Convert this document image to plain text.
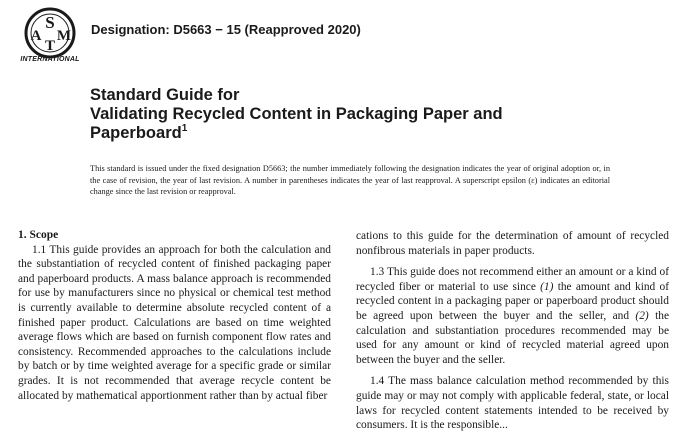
S
A M
T
INTERNATIONAL
Designation: D5663 − 15 (Reapproved 2020)
Standard Guide for
Validating Recycled Content in Packaging Paper and
Paperboard$^1$
This standard is issued under the fixed designation D5663; the number immediately following the designation indicates the year of original adoption or, in the case of revision, the year of last revision. A number in parentheses indicates the year of last reapproval. A superscript epsilon (ε) indicates an editorial change since the last revision or reapproval.

1. Scope

1.1 This guide provides an approach for both the calculation and the substantiation of recycled content of finished packaging paper and paperboard products. A mass balance approach is recommended for use by manufacturers since no physical or chemical test method is currently available to determine absolute recycled content of a finished paper product. Calculations are based on time weighted average flows which are based on furnish component flow rates and consistency. Recommended approaches to the calculations include by batch or by time weighted average for a specific grade or similar grades. It is not recommended that average recycle content be allocated by mathematical apportionment rather than by actual fiber

cations to this guide for the determination of amount of recycled nonfibrous materials in paper products.

1.3 This guide does not recommend either an amount or a kind of recycled fiber or material to use since (1) the amount and kind of recycled content in a packaging paper or paperboard product should be agreed upon between the buyer and the seller, and (2) the calculation and substantiation procedures recommended may be used for any amount or kind of recycled material agreed upon between the buyer and the seller.

1.4 The mass balance calculation method recommended by this guide may or may not comply with applicable federal, state, or local laws for recycled content statements intended to be received by consumers. It is the responsible...
